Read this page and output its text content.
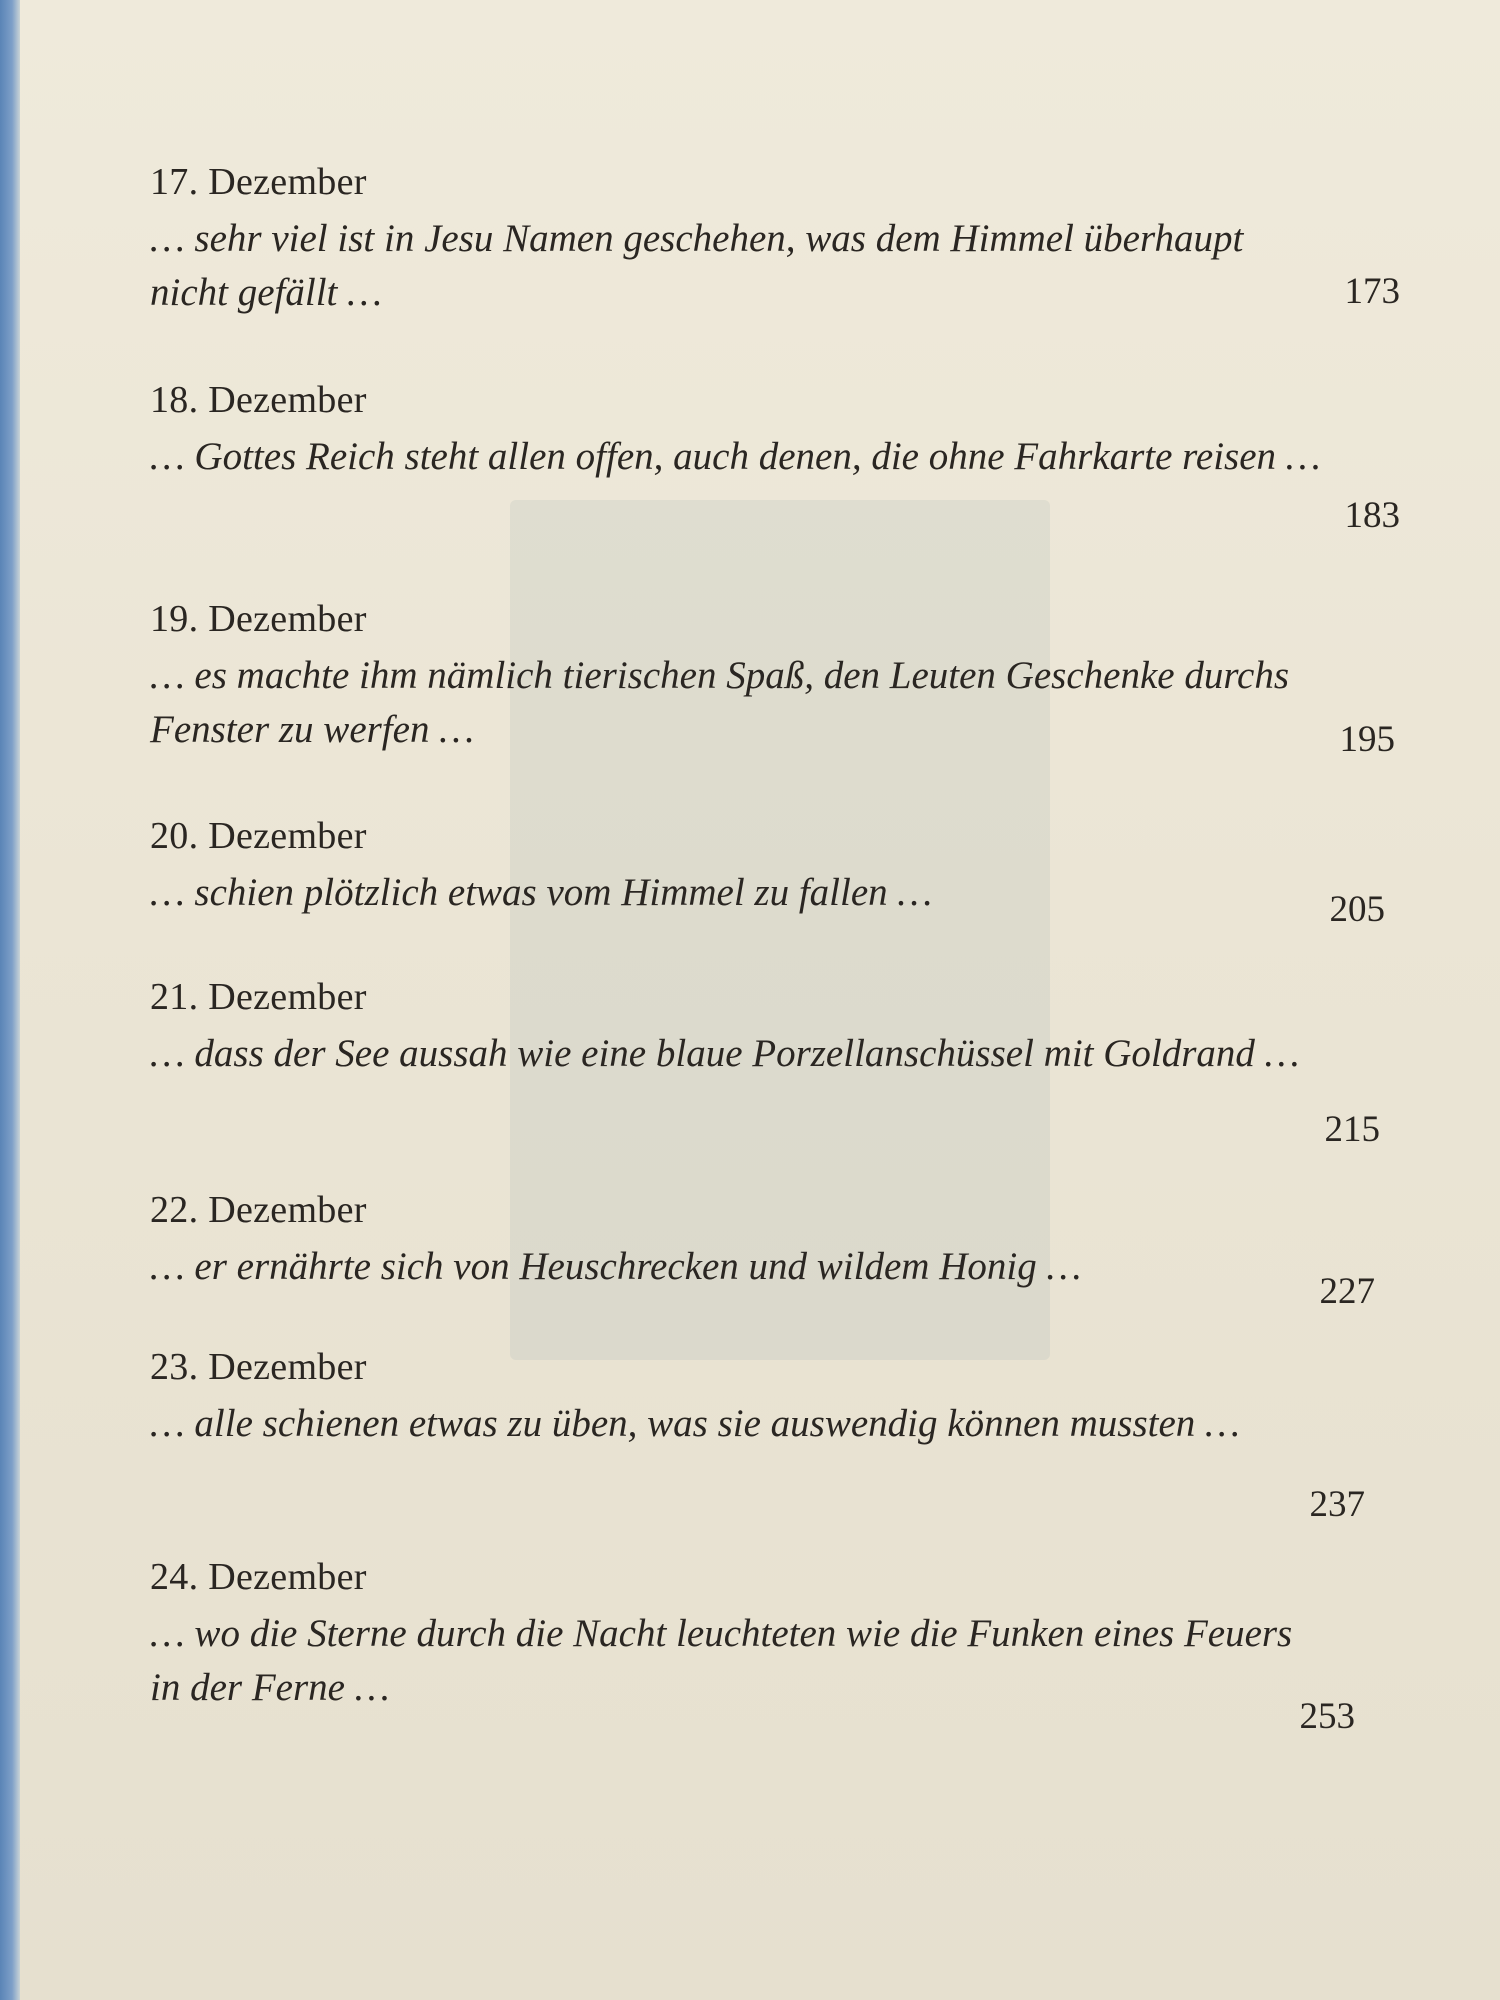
17. Dezember
… sehr viel ist in Jesu Namen geschehen, was dem Himmel überhaupt
nicht gefällt …	173
18. Dezember
… Gottes Reich steht allen offen, auch denen, die ohne Fahrkarte reisen …
183
19. Dezember
… es machte ihm nämlich tierischen Spaß, den Leuten Geschenke durchs
Fenster zu werfen …	195
20. Dezember
… schien plötzlich etwas vom Himmel zu fallen …	205
21. Dezember
… dass der See aussah wie eine blaue Porzellanschüssel mit Goldrand …
215
22. Dezember
… er ernährte sich von Heuschrecken und wildem Honig …
227
23. Dezember
… alle schienen etwas zu üben, was sie auswendig können mussten …
237
24. Dezember
… wo die Sterne durch die Nacht leuchteten wie die Funken eines Feuers
in der Ferne …
253
